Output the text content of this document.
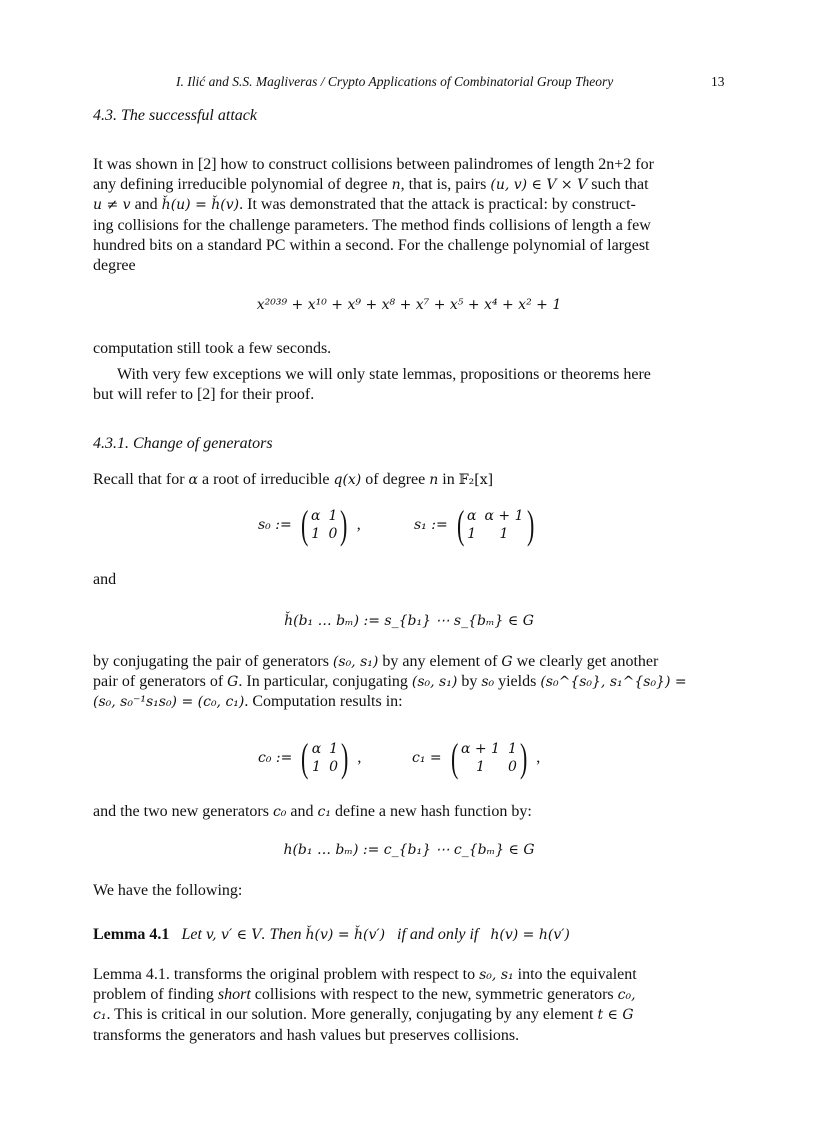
I. Ilić and S.S. Magliveras / Crypto Applications of Combinatorial Group Theory	13
4.3. The successful attack
It was shown in [2] how to construct collisions between palindromes of length 2n+2 for
any defining irreducible polynomial of degree n, that is, pairs (u, v) ∈ V × V such that
u ≠ v and ȟ(u) = ȟ(v). It was demonstrated that the attack is practical: by construct-
ing collisions for the challenge parameters. The method finds collisions of length a few
hundred bits on a standard PC within a second. For the challenge polynomial of largest
degree
x²⁰³⁹ + x¹⁰ + x⁹ + x⁸ + x⁷ + x⁵ + x⁴ + x² + 1
computation still took a few seconds.
With very few exceptions we will only state lemmas, propositions or theorems here
but will refer to [2] for their proof.
4.3.1. Change of generators
Recall that for α a root of irreducible q(x) of degree n in 𝔽₂[x]
s₀ := ( α 1
1 0 ) ,	s₁ := ( α α + 1
1	1 )
and
ȟ(b₁ … bₘ) := s_{b₁} ⋯ s_{bₘ} ∈ G
by conjugating the pair of generators (s₀, s₁) by any element of G we clearly get another
pair of generators of G. In particular, conjugating (s₀, s₁) by s₀ yields (s₀^{s₀}, s₁^{s₀}) =
(s₀, s₀⁻¹s₁s₀) = (c₀, c₁). Computation results in:
c₀ := ( α 1
1 0 ) ,	c₁ = ( α + 1 1
1	0 ) ,
and the two new generators c₀ and c₁ define a new hash function by:
h(b₁ … bₘ) := c_{b₁} ⋯ c_{bₘ} ∈ G
We have the following:
Lemma 4.1 Let v, v′ ∈ V. Then ȟ(v) = ȟ(v′)   if and only if   h(v) = h(v′)
Lemma 4.1. transforms the original problem with respect to s₀, s₁ into the equivalent
problem of finding short collisions with respect to the new, symmetric generators c₀,
c₁. This is critical in our solution. More generally, conjugating by any element t ∈ G
transforms the generators and hash values but preserves collisions.
